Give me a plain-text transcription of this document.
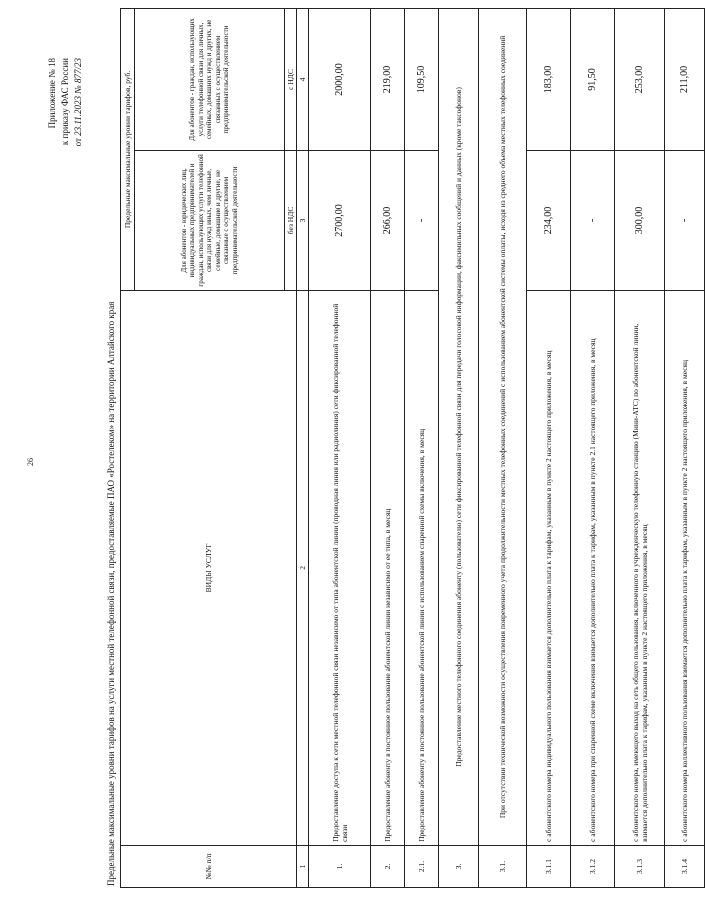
26
Приложение № 18 к приказу ФАС России от 23.11.2023 № 877/23
Предельные максимальные уровни тарифов на услуги местной телефонной связи, предоставляемые ПАО «Ростелеком» на территории Алтайского края	№№ п/п	ВИДЫ УСЛУГ	Предельные максимальные уровни тарифов, руб.	
		Для абонентов - юридических лиц, индивидуальных предпринимателей и граждан, использующих услуги телефонной связи для нужд иных, чем личные, семейные, домашние и другие, не связанные с осуществлением предпринимательской деятельности	Для абонентов - граждан, использующих услуги телефонной связи для личных, семейных, домашних нужд и других, не связанных с осуществлением предпринимательской деятельности
		без НДС	с НДС
1	2	3	4
1.	Предоставление доступа к сети местной телефонной связи независимо от типа абонентской линии (проводная линия или радиолиния) сети фиксированной телефонной связи	2700,00	2000,00
2.	Предоставление абоненту в постоянное пользование абонентской линии независимо от ее типа, в месяц	266,00	219,00
2.1.	Предоставление абоненту в постоянное пользование абонентской линии с использованием спаренной схемы включения, в месяц	-	109,50
3.	Предоставление местного телефонного соединения абоненту (пользователю) сети фиксированной телефонной связи для передачи голосовой информации, факсимильных сообщений и данных (кроме таксофонов)		
3.1.	При отсутствии технической возможности осуществления повременного учета продолжительности местных телефонных соединений с использованием абонентской системы оплаты, исходя из среднего объема местных телефонных соединений		
3.1.1	с абонентского номера индивидуального пользования взимается дополнительно плата к тарифам, указанным в пункте 2 настоящего приложения, в месяц	234,00	183,00
3.1.2	с абонентского номера при спаренной схеме включения взимается дополнительно плата к тарифам, указанным в пункте 2.1 настоящего приложения, в месяц	-	91,50
3.1.3	с абонентского номера, имеющего выход на сеть общего пользования, включенного в учрежденческую телефонную станцию (Мини-АТС) по абонентской линии, взимается дополнительно плата к тарифам, указанным в пункте 2 настоящего приложения, в месяц	300,00	253,00
3.1.4	с абонентского номера коллективного пользования взимается дополнительно плата к тарифам, указанным в пункте 2 настоящего приложения, в месяц	-	211,00
